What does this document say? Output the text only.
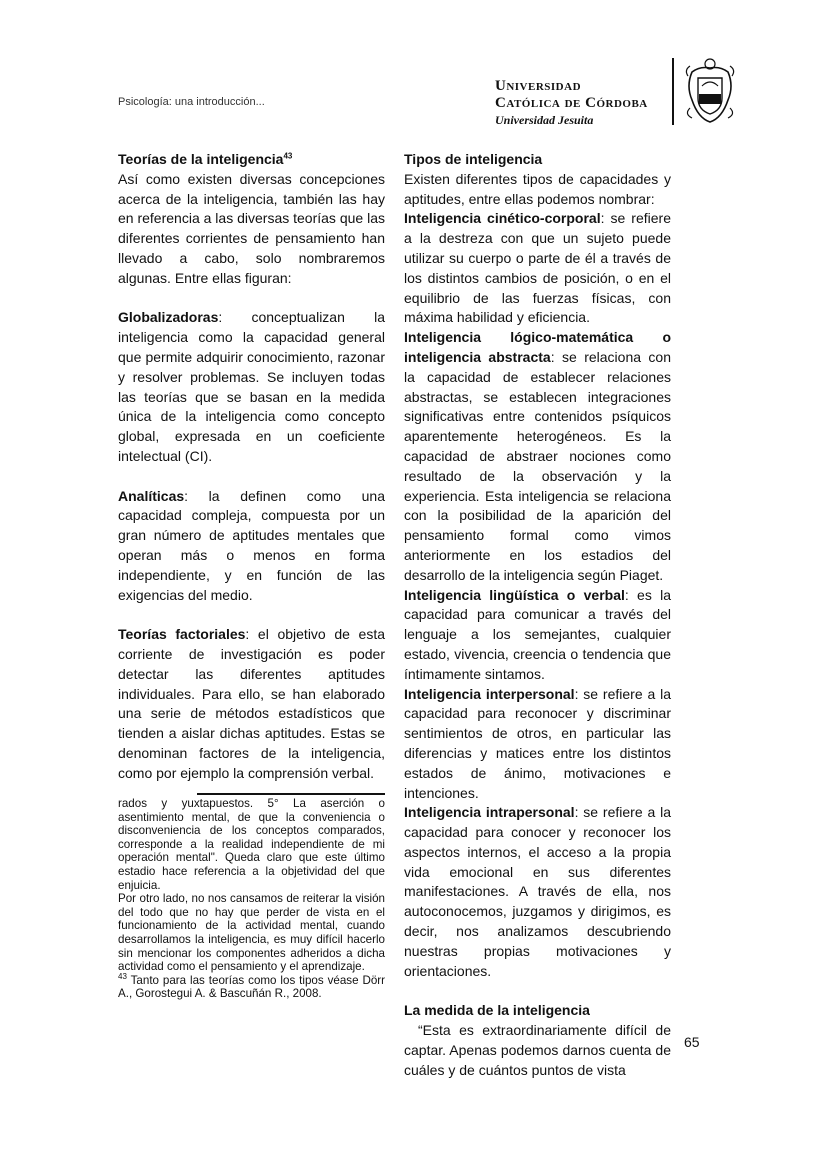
Psicología: una introducción...
Universidad
Católica de Córdoba
Universidad Jesuita
Teorías de la inteligencia$^{43}$

Así como existen diversas concepciones acerca de la inteligencia, también las hay en referencia a las diversas teorías que las diferentes corrientes de pensamiento han llevado a cabo, solo nombraremos algunas. Entre ellas figuran:

Globalizadoras: conceptualizan la inteligencia como la capacidad general que permite adquirir conocimiento, razonar y resolver problemas. Se incluyen todas las teorías que se basan en la medida única de la inteligencia como concepto global, expresada en un coeficiente intelectual (CI).

Analíticas: la definen como una capacidad compleja, compuesta por un gran número de aptitudes mentales que operan más o menos en forma independiente, y en función de las exigencias del medio.

Teorías factoriales: el objetivo de esta corriente de investigación es poder detectar las diferentes aptitudes individuales. Para ello, se han elaborado una serie de métodos estadísticos que tienden a aislar dichas aptitudes. Estas se denominan factores de la inteligencia, como por ejemplo la comprensión verbal.

rados y yuxtapuestos. 5° La aserción o asentimiento mental, de que la conveniencia o disconveniencia de los conceptos comparados, corresponde a la realidad independiente de mi operación mental". Queda claro que este último estadio hace referencia a la objetividad del que enjuicia.

Por otro lado, no nos cansamos de reiterar la visión del todo que no hay que perder de vista en el funcionamiento de la actividad mental, cuando desarrollamos la inteligencia, es muy difícil hacerlo sin mencionar los componentes adheridos a dicha actividad como el pensamiento y el aprendizaje.

$^{43}$ Tanto para las teorías como los tipos véase Dörr A., Gorostegui A. & Bascuñán R., 2008.

Tipos de inteligencia

Existen diferentes tipos de capacidades y aptitudes, entre ellas podemos nombrar:

Inteligencia cinético-corporal: se refiere a la destreza con que un sujeto puede utilizar su cuerpo o parte de él a través de los distintos cambios de posición, o en el equilibrio de las fuerzas físicas, con máxima habilidad y eficiencia.

Inteligencia lógico-matemática o inteligencia abstracta: se relaciona con la capacidad de establecer relaciones abstractas, se establecen integraciones significativas entre contenidos psíquicos aparentemente heterogéneos. Es la capacidad de abstraer nociones como resultado de la observación y la experiencia. Esta inteligencia se relaciona con la posibilidad de la aparición del pensamiento formal como vimos anteriormente en los estadios del desarrollo de la inteligencia según Piaget.

Inteligencia lingüística o verbal: es la capacidad para comunicar a través del lenguaje a los semejantes, cualquier estado, vivencia, creencia o tendencia que íntimamente sintamos.

Inteligencia interpersonal: se refiere a la capacidad para reconocer y discriminar sentimientos de otros, en particular las diferencias y matices entre los distintos estados de ánimo, motivaciones e intenciones.

Inteligencia intrapersonal: se refiere a la capacidad para conocer y reconocer los aspectos internos, el acceso a la propia vida emocional en sus diferentes manifestaciones. A través de ella, nos autoconocemos, juzgamos y dirigimos, es decir, nos analizamos descubriendo nuestras propias motivaciones y orientaciones.

La medida de la inteligencia

“Esta es extraordinariamente difícil de captar. Apenas podemos darnos cuenta de cuáles y de cuántos puntos de vista

65
